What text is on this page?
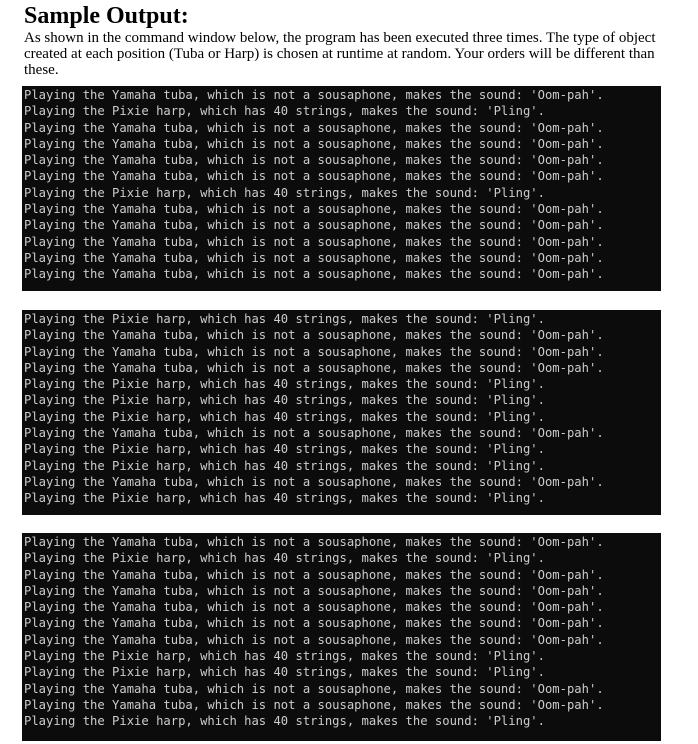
Sample Output:

As shown in the command window below, the program has been executed three times. The type of object created at each position (Tuba or Harp) is chosen at runtime at random. Your orders will be different than these.

Playing the Yamaha tuba, which is not a sousaphone, makes the sound: 'Oom-pah'.
Playing the Pixie harp, which has 40 strings, makes the sound: 'Pling'.
Playing the Yamaha tuba, which is not a sousaphone, makes the sound: 'Oom-pah'.
Playing the Yamaha tuba, which is not a sousaphone, makes the sound: 'Oom-pah'.
Playing the Yamaha tuba, which is not a sousaphone, makes the sound: 'Oom-pah'.
Playing the Yamaha tuba, which is not a sousaphone, makes the sound: 'Oom-pah'.
Playing the Pixie harp, which has 40 strings, makes the sound: 'Pling'.
Playing the Yamaha tuba, which is not a sousaphone, makes the sound: 'Oom-pah'.
Playing the Yamaha tuba, which is not a sousaphone, makes the sound: 'Oom-pah'.
Playing the Yamaha tuba, which is not a sousaphone, makes the sound: 'Oom-pah'.
Playing the Yamaha tuba, which is not a sousaphone, makes the sound: 'Oom-pah'.
Playing the Yamaha tuba, which is not a sousaphone, makes the sound: 'Oom-pah'.
Playing the Pixie harp, which has 40 strings, makes the sound: 'Pling'.
Playing the Yamaha tuba, which is not a sousaphone, makes the sound: 'Oom-pah'.
Playing the Yamaha tuba, which is not a sousaphone, makes the sound: 'Oom-pah'.
Playing the Yamaha tuba, which is not a sousaphone, makes the sound: 'Oom-pah'.
Playing the Pixie harp, which has 40 strings, makes the sound: 'Pling'.
Playing the Pixie harp, which has 40 strings, makes the sound: 'Pling'.
Playing the Pixie harp, which has 40 strings, makes the sound: 'Pling'.
Playing the Yamaha tuba, which is not a sousaphone, makes the sound: 'Oom-pah'.
Playing the Pixie harp, which has 40 strings, makes the sound: 'Pling'.
Playing the Pixie harp, which has 40 strings, makes the sound: 'Pling'.
Playing the Yamaha tuba, which is not a sousaphone, makes the sound: 'Oom-pah'.
Playing the Pixie harp, which has 40 strings, makes the sound: 'Pling'.
Playing the Yamaha tuba, which is not a sousaphone, makes the sound: 'Oom-pah'.
Playing the Pixie harp, which has 40 strings, makes the sound: 'Pling'.
Playing the Yamaha tuba, which is not a sousaphone, makes the sound: 'Oom-pah'.
Playing the Yamaha tuba, which is not a sousaphone, makes the sound: 'Oom-pah'.
Playing the Yamaha tuba, which is not a sousaphone, makes the sound: 'Oom-pah'.
Playing the Yamaha tuba, which is not a sousaphone, makes the sound: 'Oom-pah'.
Playing the Yamaha tuba, which is not a sousaphone, makes the sound: 'Oom-pah'.
Playing the Pixie harp, which has 40 strings, makes the sound: 'Pling'.
Playing the Pixie harp, which has 40 strings, makes the sound: 'Pling'.
Playing the Yamaha tuba, which is not a sousaphone, makes the sound: 'Oom-pah'.
Playing the Yamaha tuba, which is not a sousaphone, makes the sound: 'Oom-pah'.
Playing the Pixie harp, which has 40 strings, makes the sound: 'Pling'.
